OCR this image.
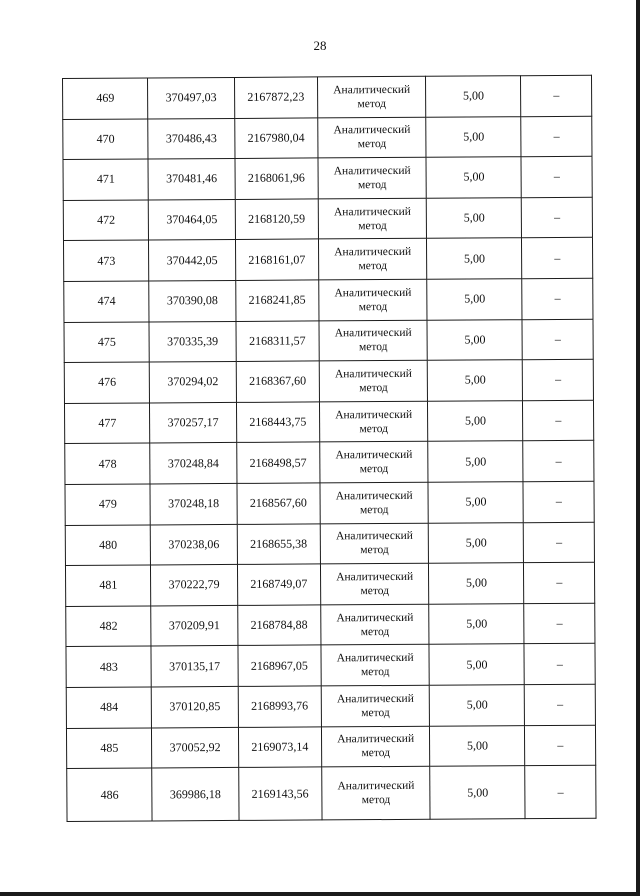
28
469	370497,03	2167872,23	Аналитический метод	5,00	–
470	370486,43	2167980,04	Аналитический метод	5,00	–
471	370481,46	2168061,96	Аналитический метод	5,00	–
472	370464,05	2168120,59	Аналитический метод	5,00	–
473	370442,05	2168161,07	Аналитический метод	5,00	–
474	370390,08	2168241,85	Аналитический метод	5,00	–
475	370335,39	2168311,57	Аналитический метод	5,00	–
476	370294,02	2168367,60	Аналитический метод	5,00	–
477	370257,17	2168443,75	Аналитический метод	5,00	–
478	370248,84	2168498,57	Аналитический метод	5,00	–
479	370248,18	2168567,60	Аналитический метод	5,00	–
480	370238,06	2168655,38	Аналитический метод	5,00	–
481	370222,79	2168749,07	Аналитический метод	5,00	–
482	370209,91	2168784,88	Аналитический метод	5,00	–
483	370135,17	2168967,05	Аналитический метод	5,00	–
484	370120,85	2168993,76	Аналитический метод	5,00	–
485	370052,92	2169073,14	Аналитический метод	5,00	–
486	369986,18	2169143,56	Аналитический метод	5,00	–
